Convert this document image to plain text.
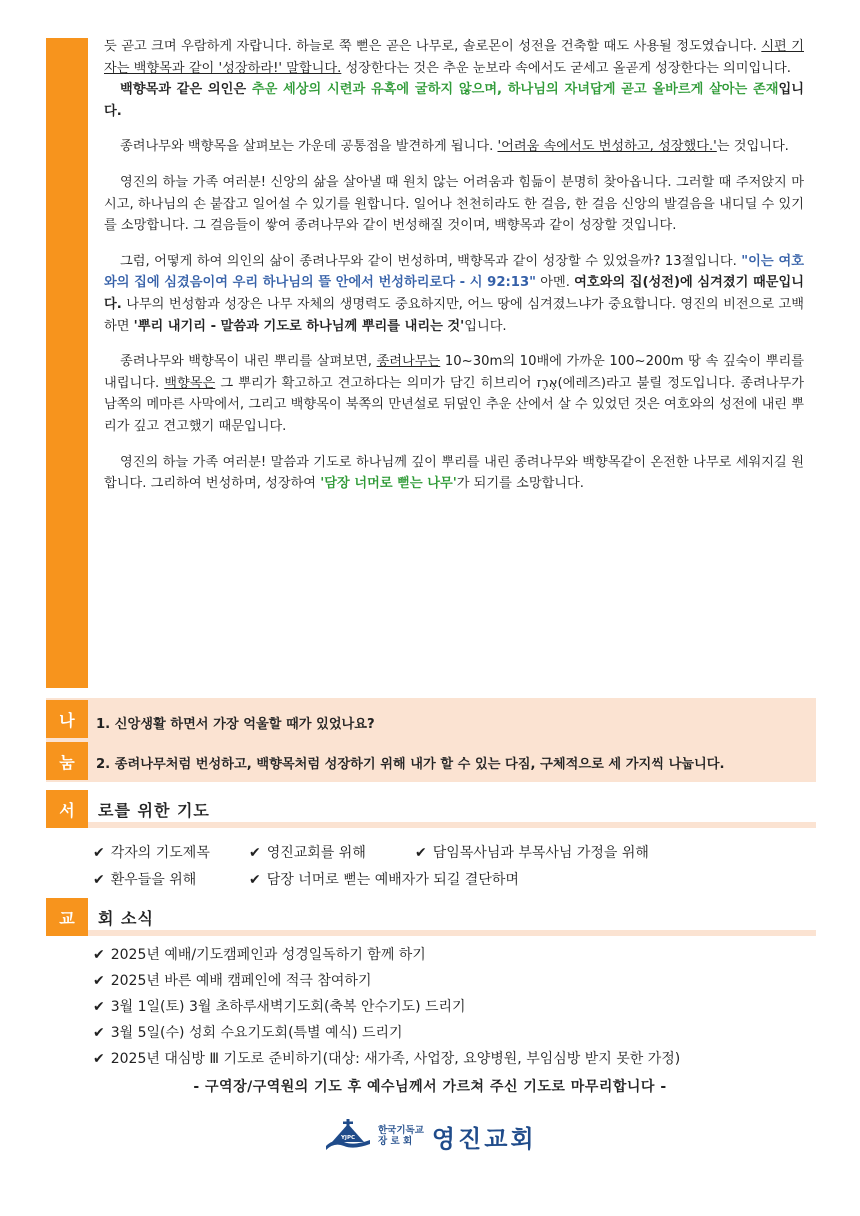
듯 곧고 크며 우람하게 자랍니다. 하늘로 쭉 뻗은 곧은 나무로, 솔로몬이 성전을 건축할 때도 사용될 정도였습니다. 시편 기자는 백향목과 같이 '성장하라!' 말합니다. 성장한다는 것은 추운 눈보라 속에서도 굳세고 올곧게 성장한다는 의미입니다.

백향목과 같은 의인은 추운 세상의 시련과 유혹에 굴하지 않으며, 하나님의 자녀답게 곧고 올바르게 살아는 존재입니다.

종려나무와 백향목을 살펴보는 가운데 공통점을 발견하게 됩니다. '어려움 속에서도 번성하고, 성장했다.'는 것입니다.

영진의 하늘 가족 여러분! 신앙의 삶을 살아낼 때 원치 않는 어려움과 힘듦이 분명히 찾아옵니다. 그러할 때 주저앉지 마시고, 하나님의 손 붙잡고 일어설 수 있기를 원합니다. 일어나 천천히라도 한 걸음, 한 걸음 신앙의 발걸음을 내디딜 수 있기를 소망합니다. 그 걸음들이 쌓여 종려나무와 같이 번성해질 것이며, 백향목과 같이 성장할 것입니다.

그럼, 어떻게 하여 의인의 삶이 종려나무와 같이 번성하며, 백향목과 같이 성장할 수 있었을까? 13절입니다. "이는 여호와의 집에 심겼음이여 우리 하나님의 뜰 안에서 번성하리로다 - 시 92:13" 아멘. 여호와의 집(성전)에 심겨졌기 때문입니다. 나무의 번성함과 성장은 나무 자체의 생명력도 중요하지만, 어느 땅에 심겨졌느냐가 중요합니다. 영진의 비전으로 고백하면 '뿌리 내기리 - 말씀과 기도로 하나님께 뿌리를 내리는 것'입니다.

종려나무와 백향목이 내린 뿌리를 살펴보면, 종려나무는 10~30m의 10배에 가까운 100~200m 땅 속 깊숙이 뿌리를 내립니다. 백향목은 그 뿌리가 확고하고 견고하다는 의미가 담긴 히브리어 אֶרֶז(에레즈)라고 불릴 정도입니다. 종려나무가 남쪽의 메마른 사막에서, 그리고 백향목이 북쪽의 만년설로 뒤덮인 추운 산에서 살 수 있었던 것은 여호와의 성전에 내린 뿌리가 깊고 견고했기 때문입니다.

영진의 하늘 가족 여러분! 말씀과 기도로 하나님께 깊이 뿌리를 내린 종려나무와 백향목같이 온전한 나무로 세워지길 원합니다. 그리하여 번성하며, 성장하여 '담장 너머로 뻗는 나무'가 되기를 소망합니다.

나
눔
1. 신앙생활 하면서 가장 억울할 때가 있었나요?
2. 종려나무처럼 번성하고, 백향목처럼 성장하기 위해 내가 할 수 있는 다짐, 구체적으로 세 가지씩 나눕니다.
서	로를 위한 기도
✔ 각자의 기도제목	✔ 영진교회를 위해	✔ 담임목사님과 부목사님 가정을 위해
✔ 환우들을 위해	✔ 담장 너머로 뻗는 예배자가 되길 결단하며
교	회 소식
✔ 2025년 예배/기도캠페인과 성경일독하기 함께 하기
✔ 2025년 바른 예배 캠페인에 적극 참여하기
✔ 3월 1일(토) 3월 초하루새벽기도회(축복 안수기도) 드리기
✔ 3월 5일(수) 성회 수요기도회(특별 예식) 드리기
✔ 2025년 대심방 Ⅲ 기도로 준비하기(대상: 새가족, 사업장, 요양병원, 부임심방 받지 못한 가정)
- 구역장/구역원의 기도 후 예수님께서 가르쳐 주신 기도로 마무리합니다 -
YJPC
한국기독교
장 로 회 영진교회
